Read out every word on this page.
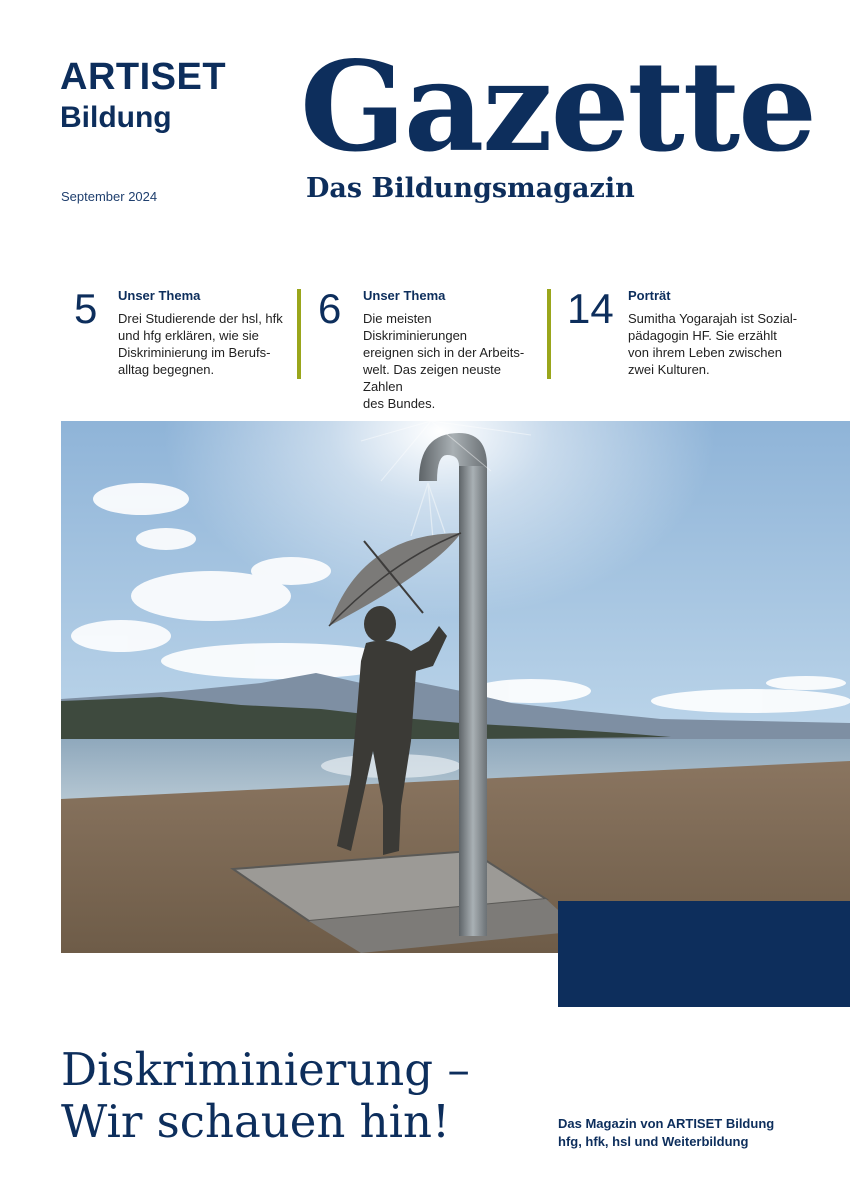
ARTISET
Bildung
September 2024
Gazette
Das Bildungsmagazin
5 Unser Thema
Drei Studierende der hsl, hfk
und hfg erklären, wie sie
Diskriminierung im Berufs-
alltag begegnen.
6 Unser Thema
Die meisten Diskriminierungen
ereignen sich in der Arbeits-
welt. Das zeigen neuste Zahlen
des Bundes.
14 Porträt
Sumitha Yogarajah ist Sozial-
pädagogin HF. Sie erzählt
von ihrem Leben zwischen
zwei Kulturen.
Diskriminierung –
Wir schauen hin!	Das Magazin von ARTISET Bildung
hfg, hfk, hsl und Weiterbildung
